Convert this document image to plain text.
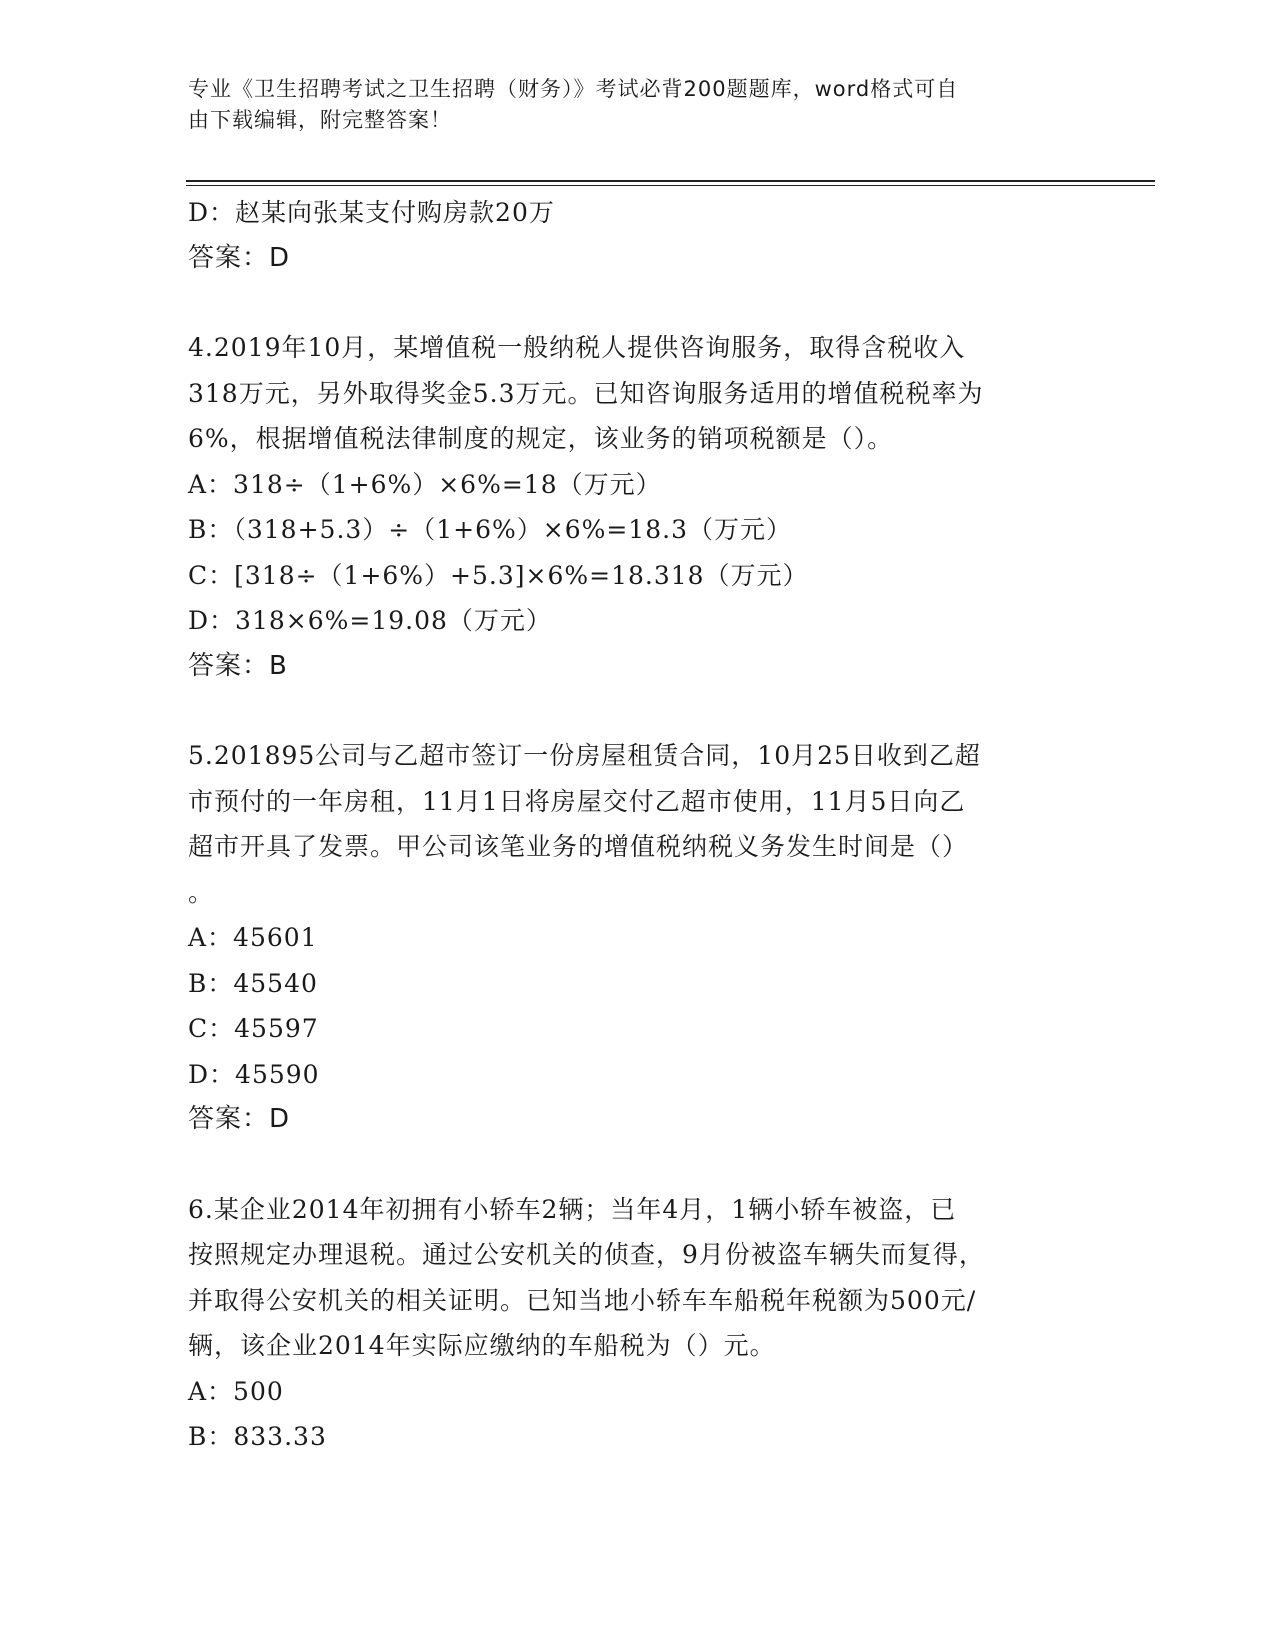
专业《卫生招聘考试之卫生招聘（财务）》考试必背200题题库，word格式可自
由下载编辑，附完整答案！
D：赵某向张某支付购房款20万
答案：D
4.2019年10月，某增值税一般纳税人提供咨询服务，取得含税收入
318万元，另外取得奖金5.3万元。已知咨询服务适用的增值税税率为
6%，根据增值税法律制度的规定，该业务的销项税额是（）。
A：318÷（1+6%）×6%=18（万元）
B：（318+5.3）÷（1+6%）×6%=18.3（万元）
C：[318÷（1+6%）+5.3]×6%=18.318（万元）
D：318×6%=19.08（万元）
答案：B
5.201895公司与乙超市签订一份房屋租赁合同，10月25日收到乙超
市预付的一年房租，11月1日将房屋交付乙超市使用，11月5日向乙
超市开具了发票。甲公司该笔业务的增值税纳税义务发生时间是（）
。
A：45601
B：45540
C：45597
D：45590
答案：D
6.某企业2014年初拥有小轿车2辆；当年4月，1辆小轿车被盗，已
按照规定办理退税。通过公安机关的侦查，9月份被盗车辆失而复得，
并取得公安机关的相关证明。已知当地小轿车车船税年税额为500元/
辆，该企业2014年实际应缴纳的车船税为（）元。
A：500
B：833.33
